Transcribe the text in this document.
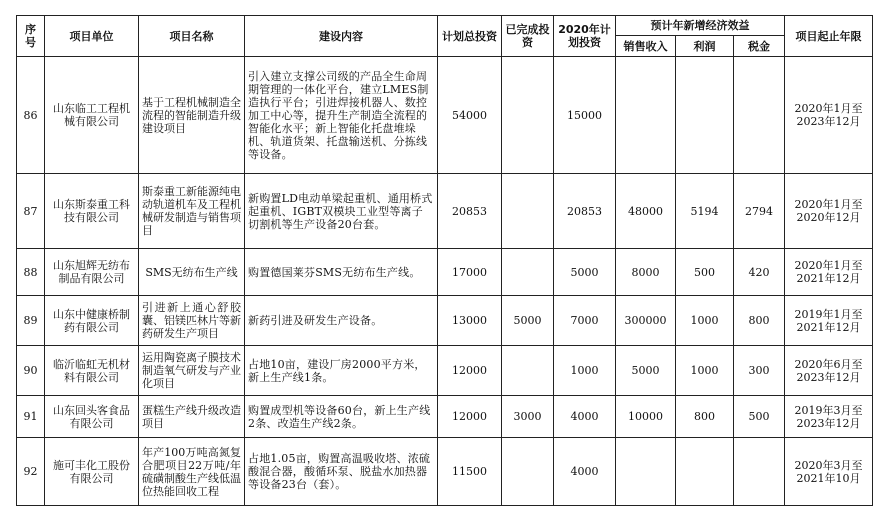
序号	项目单位	项目名称	建设内容	计划总投资	已完成投资	2020年计划投资	预计年新增经济效益			项目起止年限
							销售收入	利润	税金	
86	山东临工工程机械有限公司	基于工程机械制造全流程的智能制造升级建设项目	引入建立支撑公司级的产品全生命周期管理的一体化平台，建立LMES制造执行平台；引进焊接机器人、数控加工中心等，提升生产制造全流程的智能化水平；新上智能化托盘堆垛机、轨道货架、托盘输送机、分拣线等设备。	54000		15000				2020年1月至2023年12月
87	山东斯泰重工科技有限公司	斯泰重工新能源纯电动轨道机车及工程机械研发制造与销售项目	新购置LD电动单梁起重机、通用桥式起重机、IGBT双模块工业型等离子切割机等生产设备20台套。	20853		20853	48000	5194	2794	2020年1月至2020年12月
88	山东旭辉无纺布制品有限公司	SMS无纺布生产线	购置德国莱芬SMS无纺布生产线。	17000		5000	8000	500	420	2020年1月至2021年12月
89	山东中健康桥制药有限公司	引进新上通心舒胶囊、铝镁匹林片等新药研发生产项目	新药引进及研发生产设备。	13000	5000	7000	300000	1000	800	2019年1月至2021年12月
90	临沂临虹无机材料有限公司	运用陶瓷离子膜技术制造氧气研发与产业化项目	占地10亩，建设厂房2000平方米，新上生产线1条。	12000		1000	5000	1000	300	2020年6月至2023年12月
91	山东回头客食品有限公司	蛋糕生产线升级改造项目	购置成型机等设备60台，新上生产线2条、改造生产线2条。	12000	3000	4000	10000	800	500	2019年3月至2023年12月
92	施可丰化工股份有限公司	年产100万吨高氮复合肥项目22万吨/年硫磺制酸生产线低温位热能回收工程	占地1.05亩，购置高温吸收塔、浓硫酸混合器，酸循环泵、脱盐水加热器等设备23台（套）。	11500		4000				2020年3月至2021年10月
